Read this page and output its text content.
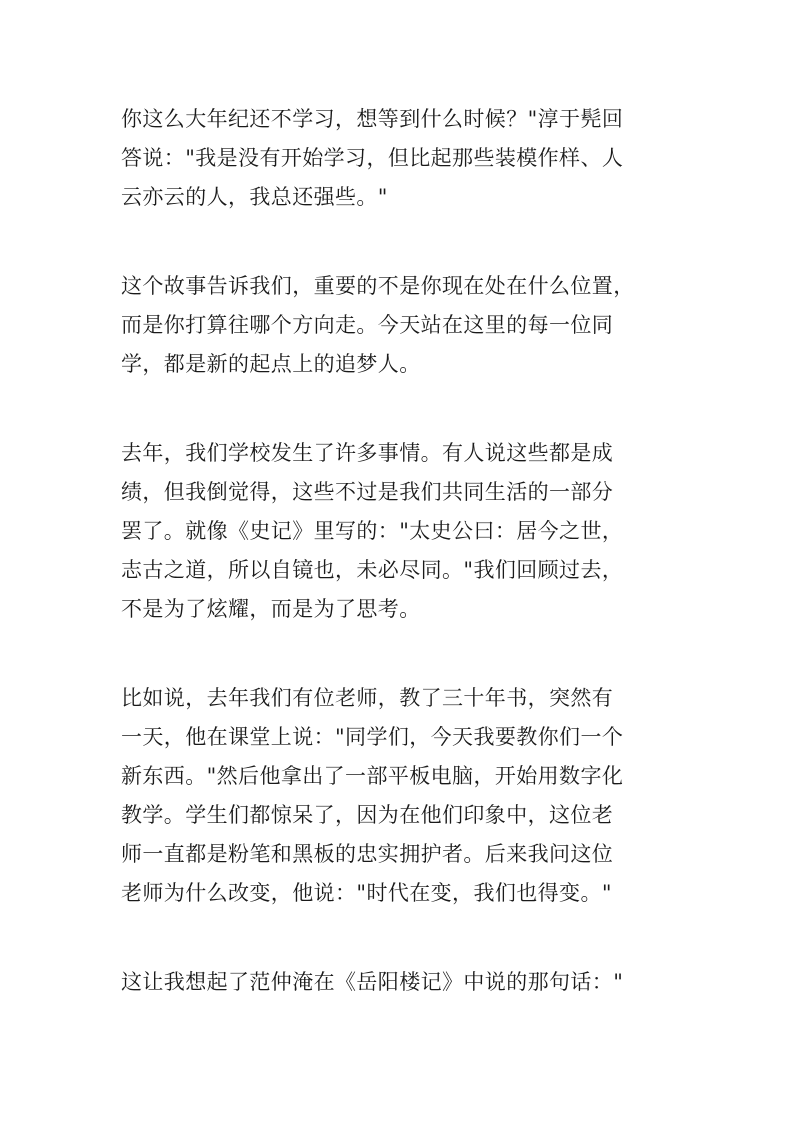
你这么大年纪还不学习，想等到什么时候？"淳于髡回
答说："我是没有开始学习，但比起那些装模作样、人
云亦云的人，我总还强些。"
这个故事告诉我们，重要的不是你现在处在什么位置，
而是你打算往哪个方向走。今天站在这里的每一位同
学，都是新的起点上的追梦人。
去年，我们学校发生了许多事情。有人说这些都是成
绩，但我倒觉得，这些不过是我们共同生活的一部分
罢了。就像《史记》里写的："太史公曰：居今之世，
志古之道，所以自镜也，未必尽同。"我们回顾过去，
不是为了炫耀，而是为了思考。
比如说，去年我们有位老师，教了三十年书，突然有
一天，他在课堂上说："同学们，今天我要教你们一个
新东西。"然后他拿出了一部平板电脑，开始用数字化
教学。学生们都惊呆了，因为在他们印象中，这位老
师一直都是粉笔和黑板的忠实拥护者。后来我问这位
老师为什么改变，他说："时代在变，我们也得变。"
这让我想起了范仲淹在《岳阳楼记》中说的那句话："
